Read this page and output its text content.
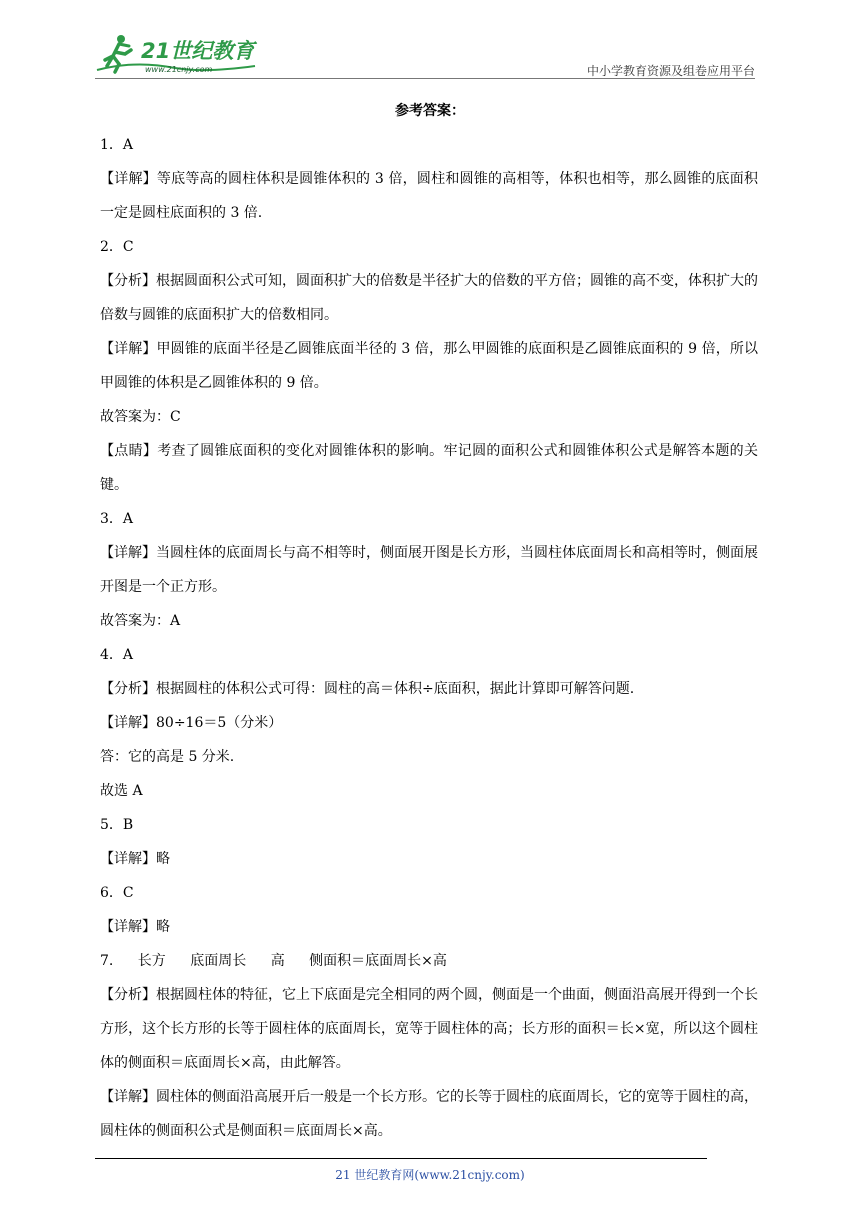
21世纪教育
www.21cnjy.com	中小学教育资源及组卷应用平台
参考答案：

1．A

【详解】等底等高的圆柱体积是圆锥体积的 3 倍，圆柱和圆锥的高相等，体积也相等，那么圆锥的底面积一定是圆柱底面积的 3 倍.

2．C

【分析】根据圆面积公式可知，圆面积扩大的倍数是半径扩大的倍数的平方倍；圆锥的高不变，体积扩大的倍数与圆锥的底面积扩大的倍数相同。

【详解】甲圆锥的底面半径是乙圆锥底面半径的 3 倍，那么甲圆锥的底面积是乙圆锥底面积的 9 倍，所以甲圆锥的体积是乙圆锥体积的 9 倍。

故答案为：C

【点睛】考查了圆锥底面积的变化对圆锥体积的影响。牢记圆的面积公式和圆锥体积公式是解答本题的关键。

3．A

【详解】当圆柱体的底面周长与高不相等时，侧面展开图是长方形，当圆柱体底面周长和高相等时，侧面展开图是一个正方形。

故答案为：A

4．A

【分析】根据圆柱的体积公式可得：圆柱的高＝体积÷底面积，据此计算即可解答问题.

【详解】80÷16＝5（分米）

答：它的高是 5 分米.

故选 A

5．B

【详解】略

6．C

【详解】略

7. 长方 底面周长 高 侧面积＝底面周长×高

【分析】根据圆柱体的特征，它上下底面是完全相同的两个圆，侧面是一个曲面，侧面沿高展开得到一个长方形，这个长方形的长等于圆柱体的底面周长，宽等于圆柱体的高；长方形的面积＝长×宽，所以这个圆柱体的侧面积＝底面周长×高，由此解答。

【详解】圆柱体的侧面沿高展开后一般是一个长方形。它的长等于圆柱的底面周长，它的宽等于圆柱的高，圆柱体的侧面积公式是侧面积＝底面周长×高。

21 世纪教育网(www.21cnjy.com)
